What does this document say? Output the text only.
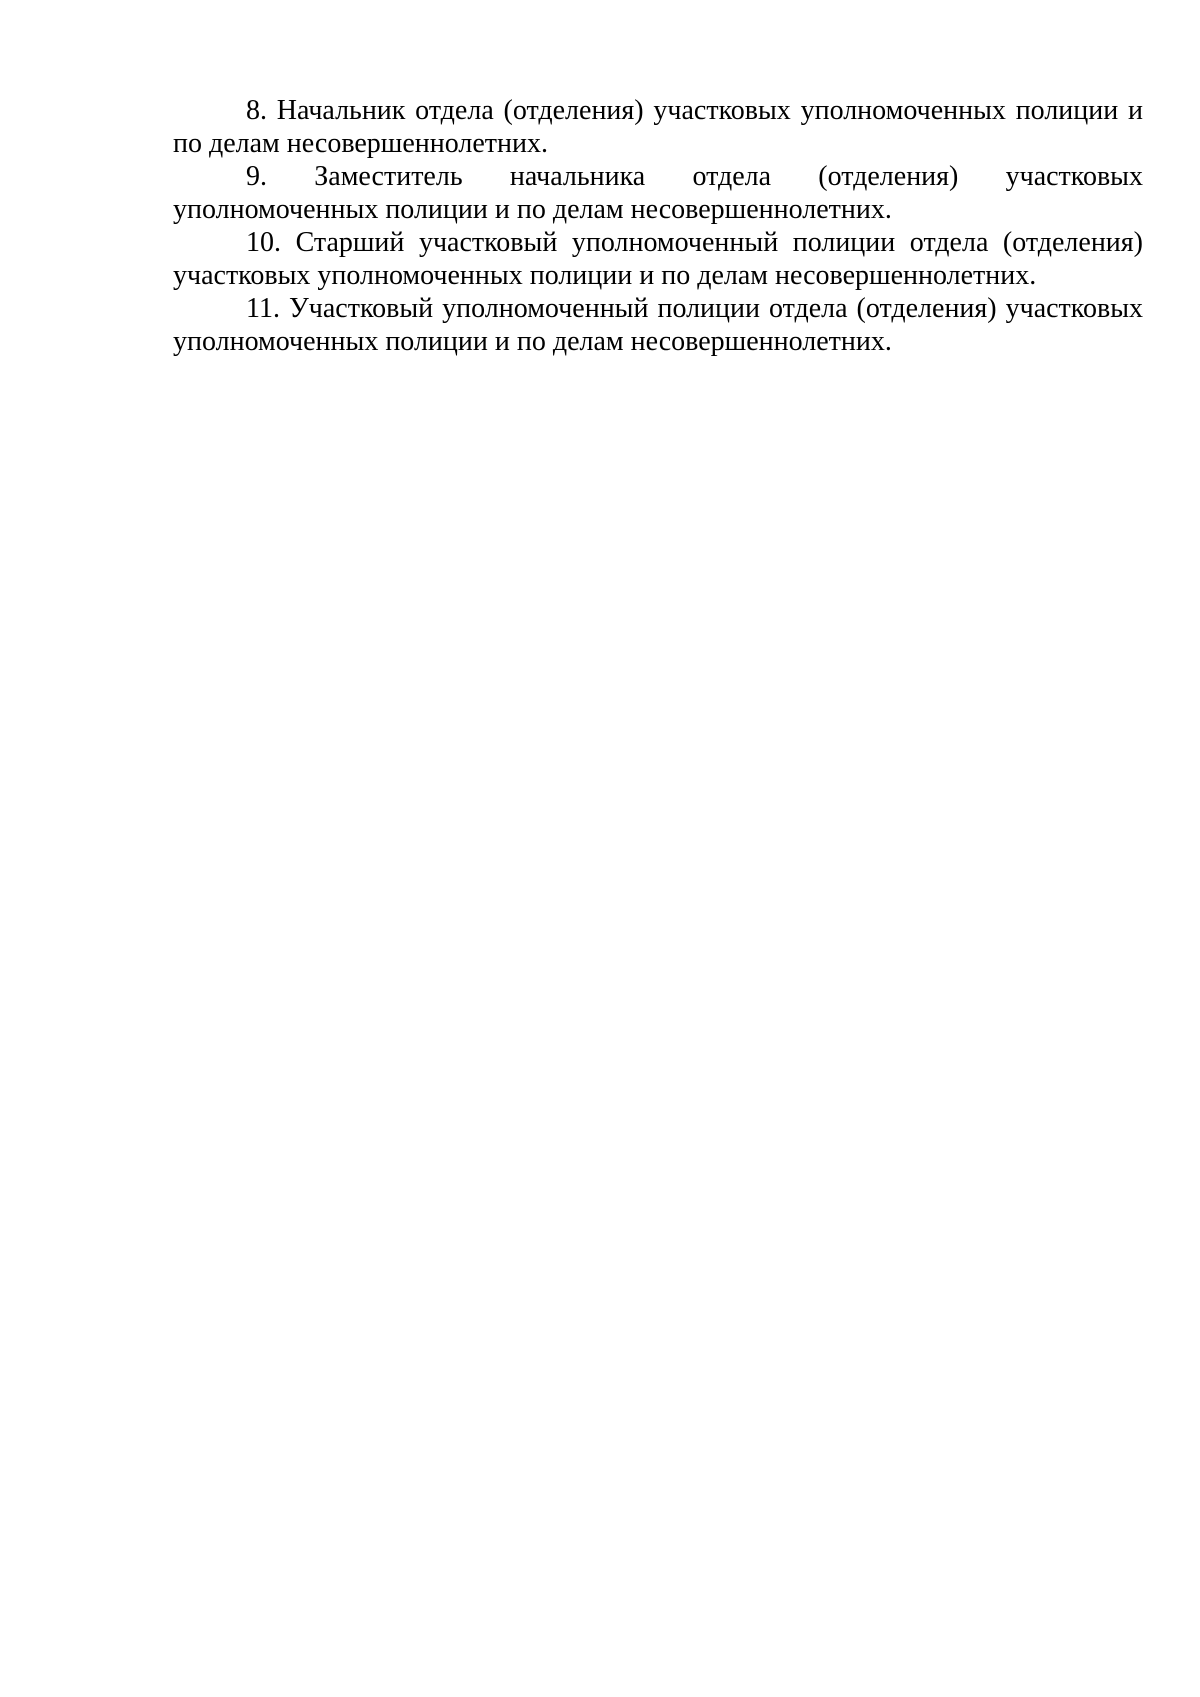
8. Начальник отдела (отделения) участковых уполномоченных полиции и по делам несовершеннолетних.

9. Заместитель начальника отдела (отделения) участковых уполномоченных полиции и по делам несовершеннолетних.

10. Старший участковый уполномоченный полиции отдела (отделения) участковых уполномоченных полиции и по делам несовершеннолетних.

11. Участковый уполномоченный полиции отдела (отделения) участковых уполномоченных полиции и по делам несовершеннолетних.
